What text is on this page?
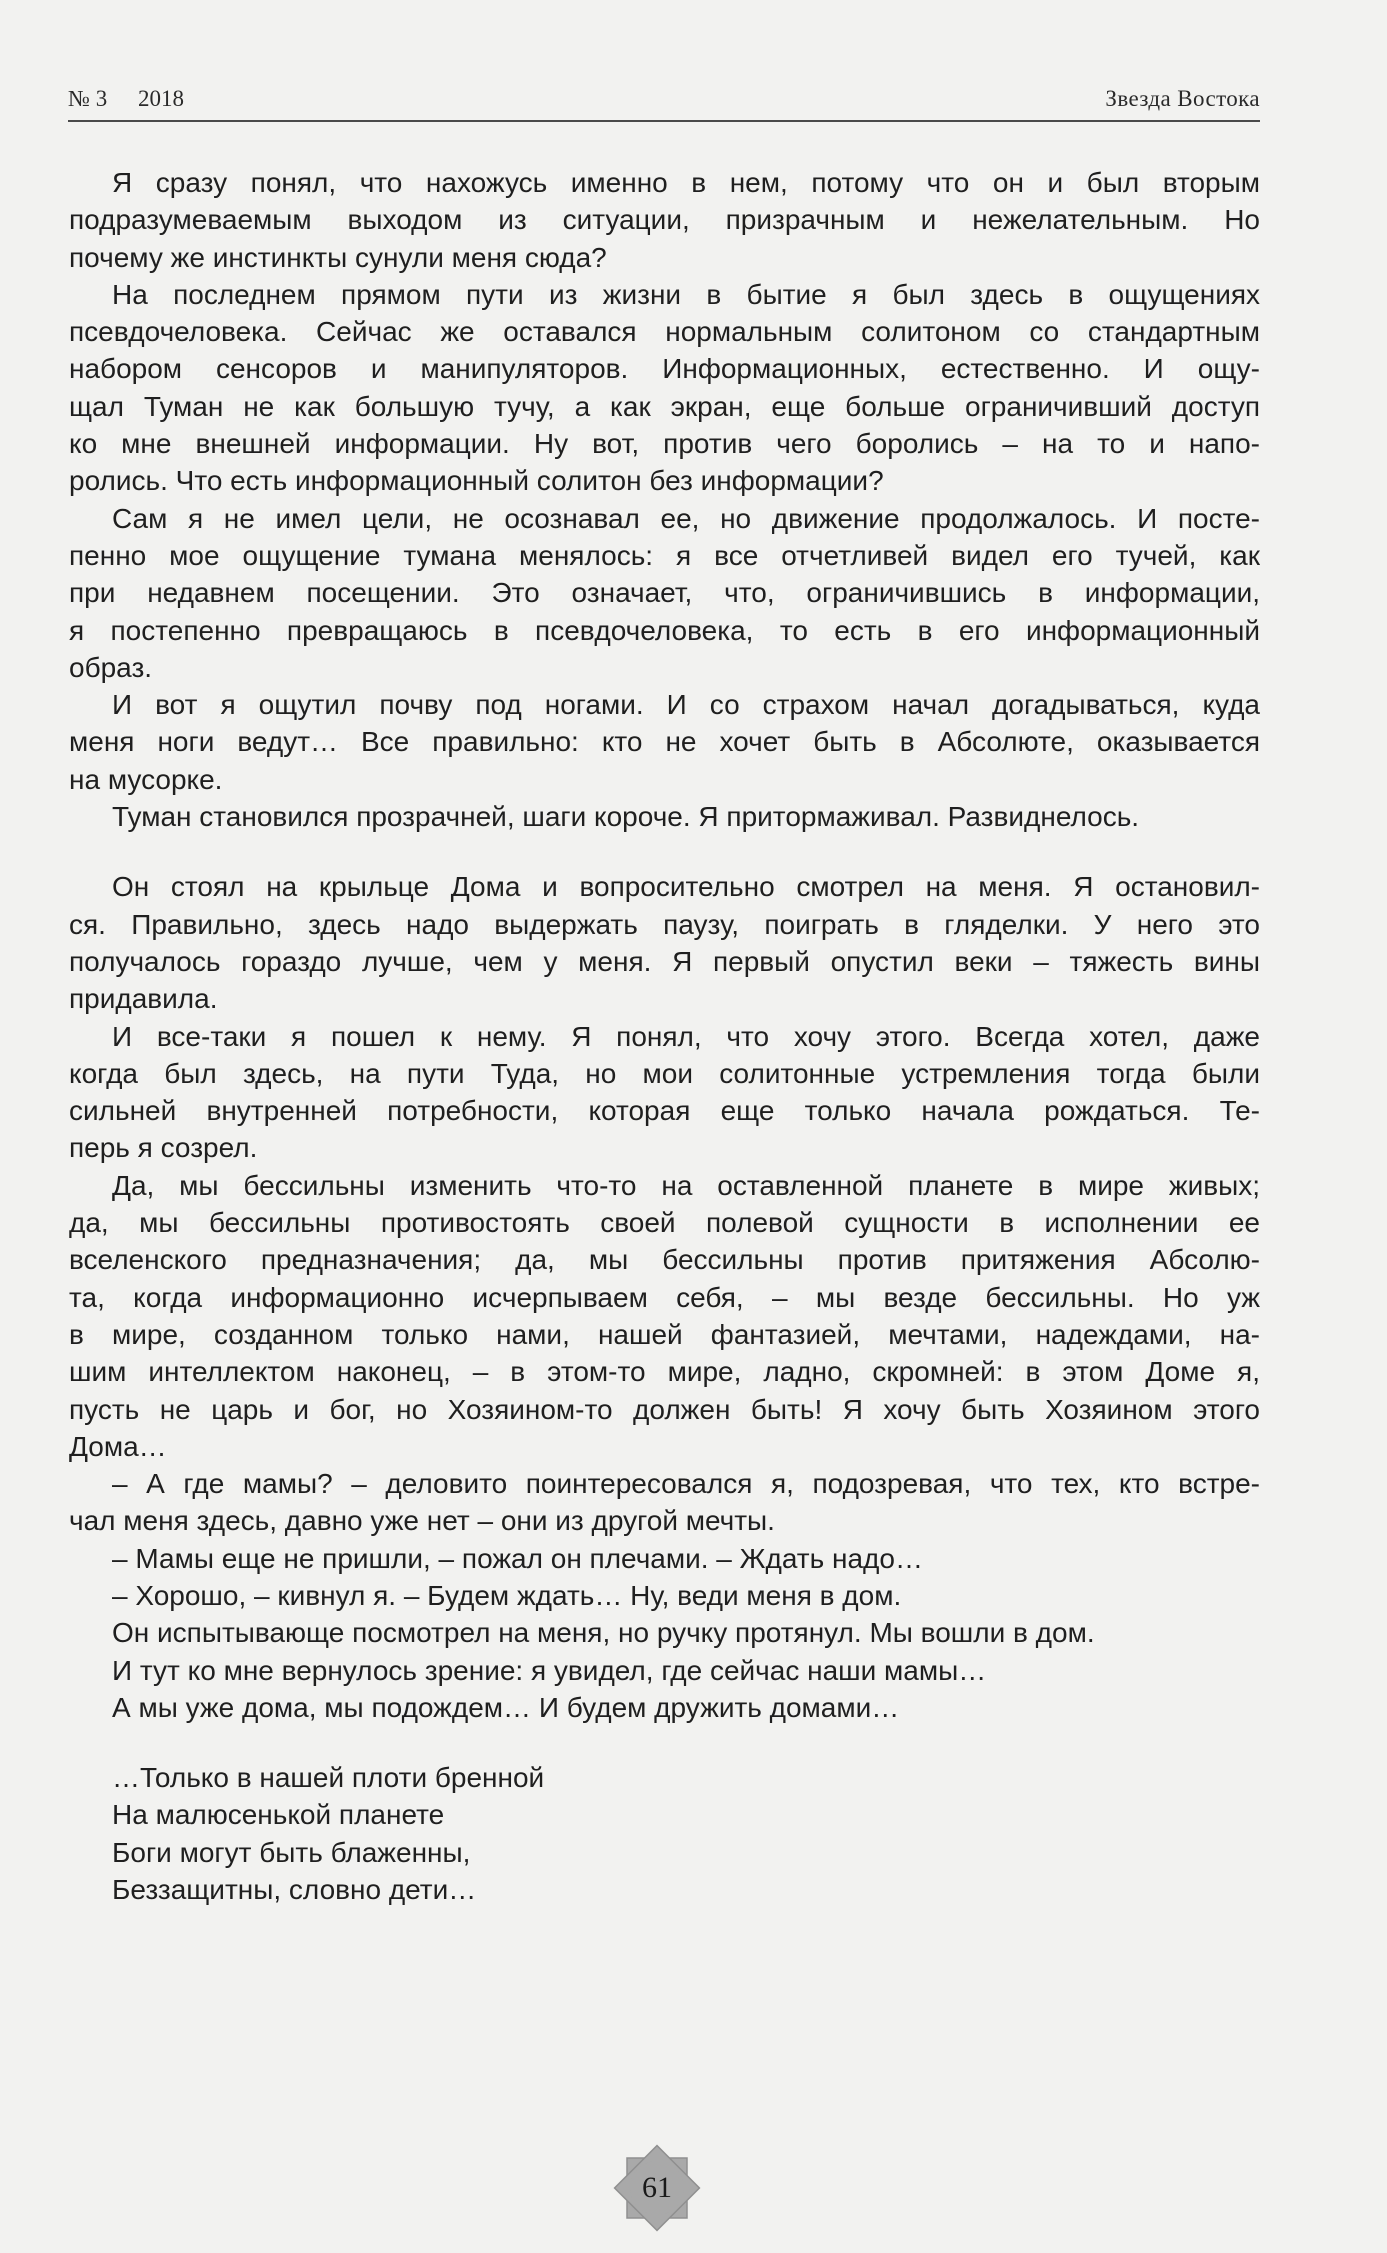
№ 3 2018	Звезда Востока
Я сразу понял, что нахожусь именно в нем, потому что он и был вторым
подразумеваемым выходом из ситуации, призрачным и нежелательным. Но
почему же инстинкты сунули меня сюда?
На последнем прямом пути из жизни в бытие я был здесь в ощущениях
псевдочеловека. Сейчас же оставался нормальным солитоном со стандартным
набором сенсоров и манипуляторов. Информационных, естественно. И ощу-
щал Туман не как большую тучу, а как экран, еще больше ограничивший доступ
ко мне внешней информации. Ну вот, против чего боролись – на то и напо-
ролись. Что есть информационный солитон без информации?
Сам я не имел цели, не осознавал ее, но движение продолжалось. И посте-
пенно мое ощущение тумана менялось: я все отчетливей видел его тучей, как
при недавнем посещении. Это означает, что, ограничившись в информации,
я постепенно превращаюсь в псевдочеловека, то есть в его информационный
образ.
И вот я ощутил почву под ногами. И со страхом начал догадываться, куда
меня ноги ведут… Все правильно: кто не хочет быть в Абсолюте, оказывается
на мусорке.
Туман становился прозрачней, шаги короче. Я притормаживал. Развиднелось.
Он стоял на крыльце Дома и вопросительно смотрел на меня. Я остановил-
ся. Правильно, здесь надо выдержать паузу, поиграть в гляделки. У него это
получалось гораздо лучше, чем у меня. Я первый опустил веки – тяжесть вины
придавила.
И все-таки я пошел к нему. Я понял, что хочу этого. Всегда хотел, даже
когда был здесь, на пути Туда, но мои солитонные устремления тогда были
сильней внутренней потребности, которая еще только начала рождаться. Те-
перь я созрел.
Да, мы бессильны изменить что-то на оставленной планете в мире живых;
да, мы бессильны противостоять своей полевой сущности в исполнении ее
вселенского предназначения; да, мы бессильны против притяжения Абсолю-
та, когда информационно исчерпываем себя, – мы везде бессильны. Но уж
в мире, созданном только нами, нашей фантазией, мечтами, надеждами, на-
шим интеллектом наконец, – в этом-то мире, ладно, скромней: в этом Доме я,
пусть не царь и бог, но Хозяином-то должен быть! Я хочу быть Хозяином этого
Дома…
– А где мамы? – деловито поинтересовался я, подозревая, что тех, кто встре-
чал меня здесь, давно уже нет – они из другой мечты.
– Мамы еще не пришли, – пожал он плечами. – Ждать надо…
– Хорошо, – кивнул я. – Будем ждать… Ну, веди меня в дом.
Он испытывающе посмотрел на меня, но ручку протянул. Мы вошли в дом.
И тут ко мне вернулось зрение: я увидел, где сейчас наши мамы…
А мы уже дома, мы подождем… И будем дружить домами…
…Только в нашей плоти бренной
На малюсенькой планете
Боги могут быть блаженны,
Беззащитны, словно дети…
61
